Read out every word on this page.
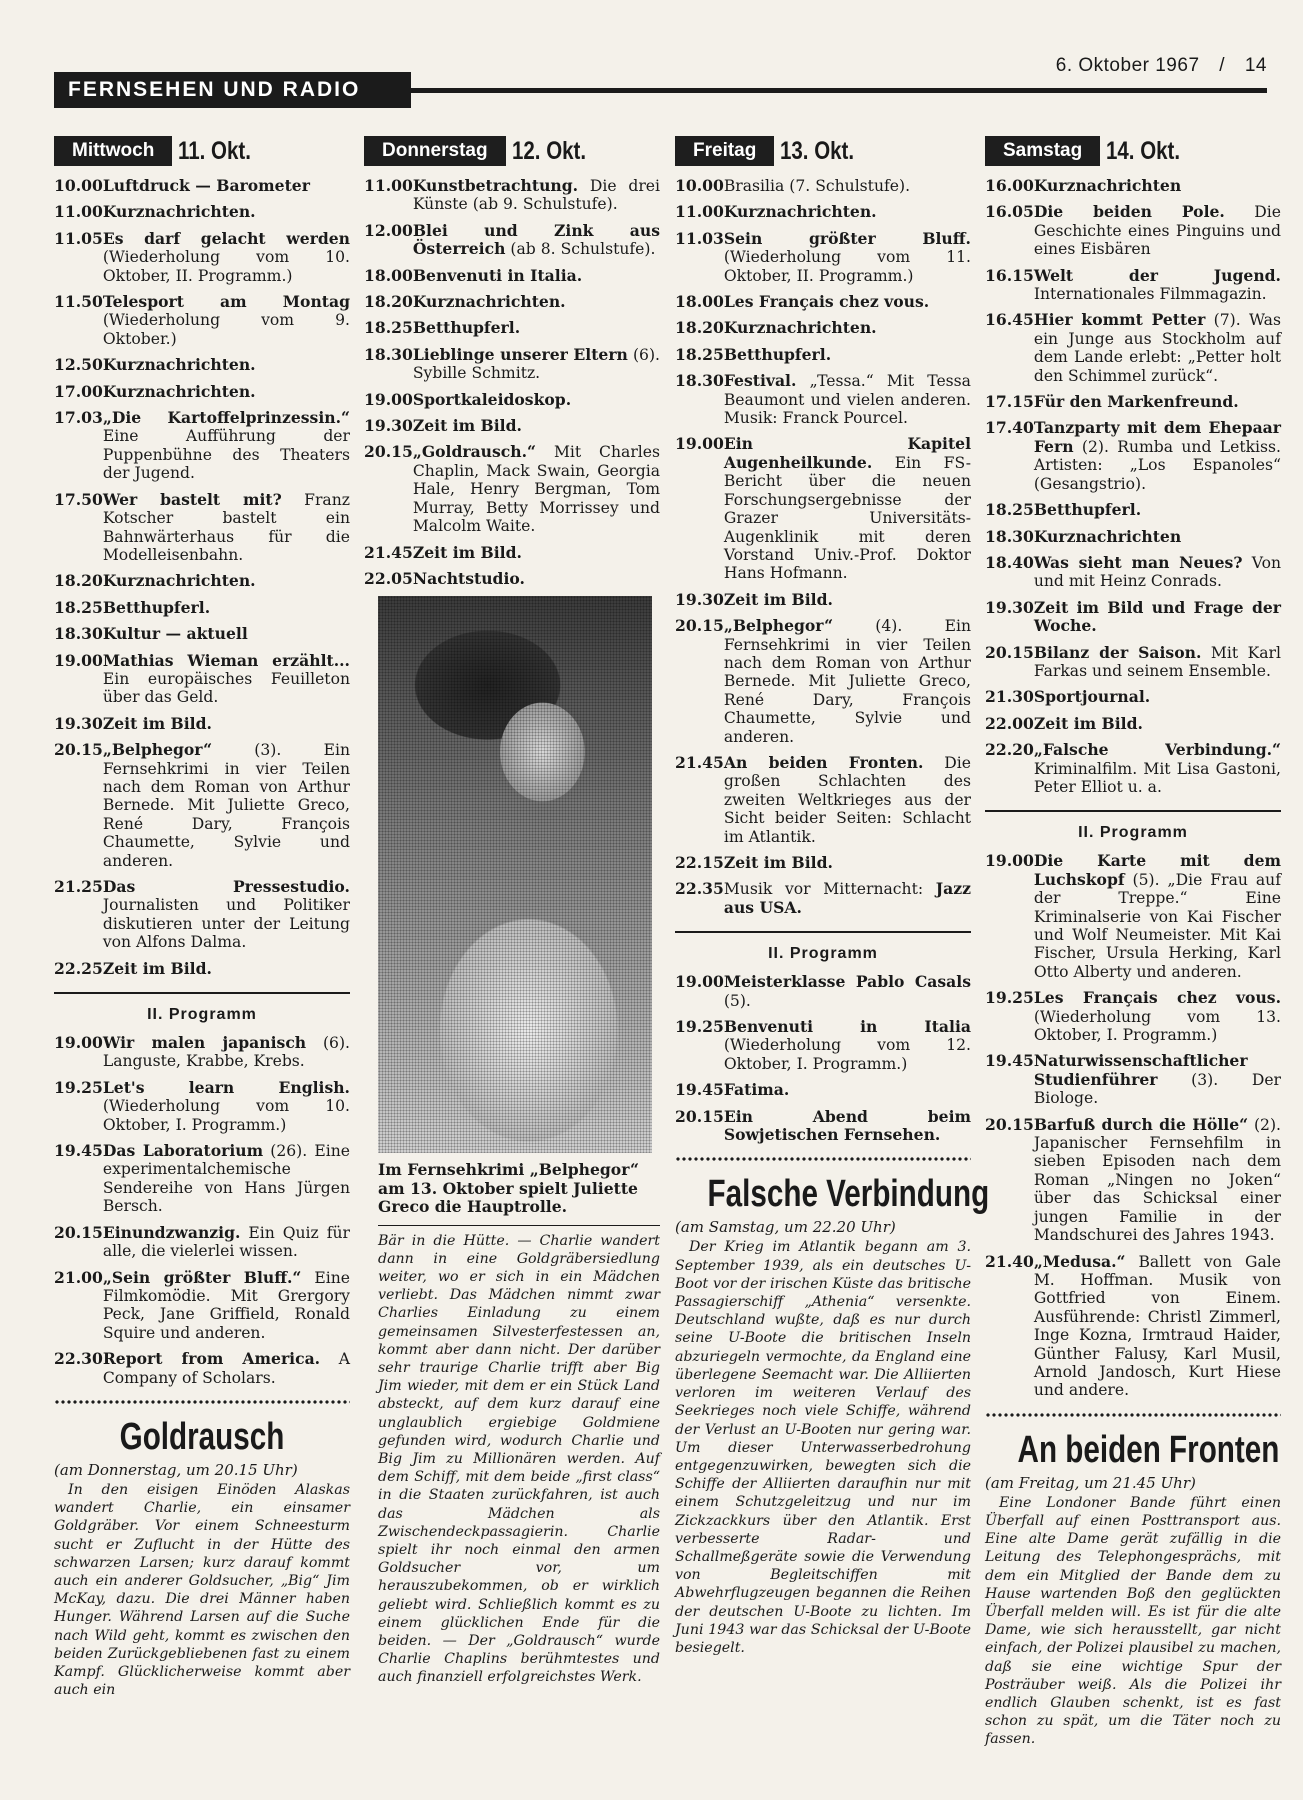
6. Oktober 1967 / 14
FERNSEHEN UND RADIO
Mittwoch 11. Okt.
10.00 Luftdruck — Barometer
11.00 Kurznachrichten.
11.05 Es darf gelacht werden (Wiederholung vom 10. Oktober, II. Programm.)
11.50 Telesport am Montag (Wiederholung vom 9. Oktober.)
12.50 Kurznachrichten.
17.00 Kurznachrichten.
17.03 „Die Kartoffelprinzessin.“ Eine Aufführung der Puppenbühne des Theaters der Jugend.
17.50 Wer bastelt mit? Franz Kotscher bastelt ein Bahnwärterhaus für die Modelleisenbahn.
18.20 Kurznachrichten.
18.25 Betthupferl.
18.30 Kultur — aktuell
19.00 Mathias Wieman erzählt... Ein europäisches Feuilleton über das Geld.
19.30 Zeit im Bild.
20.15 „Belphegor“	(3). Ein Fernsehkrimi in vier Teilen nach dem Roman von Arthur Bernede. Mit Juliette Greco, René Dary, François Chaumette, Sylvie und anderen.
21.25 Das Pressestudio. Journalisten und Politiker diskutieren unter der Leitung von Alfons Dalma.
22.25 Zeit im Bild.
II. Programm
19.00 Wir malen japanisch (6). Languste, Krabbe, Krebs.
19.25 Let's learn English. (Wiederholung vom 10. Oktober, I. Programm.)
19.45 Das Laboratorium (26). Eine experimentalchemische Sendereihe von Hans Jürgen Bersch.
20.15 Einundzwanzig. Ein Quiz für alle, die vielerlei wissen.
21.00 „Sein größter Bluff.“ Eine Filmkomödie. Mit Grergory Peck, Jane Griffield, Ronald Squire und anderen.
22.30 Report from America. A Company of Scholars.
Goldrausch
(am Donnerstag, um 20.15 Uhr)

In den eisigen Einöden Alaskas wandert Charlie, ein einsamer Goldgräber. Vor einem Schneesturm sucht er Zuflucht in der Hütte des schwarzen Larsen; kurz darauf kommt auch ein anderer Goldsucher, „Big“ Jim McKay, dazu. Die drei Männer haben Hunger. Während Larsen auf die Suche nach Wild geht, kommt es zwischen den beiden Zurückgebliebenen fast zu einem Kampf. Glücklicherweise kommt aber auch ein

Donnerstag 12. Okt.
11.00 Kunstbetrachtung. Die drei Künste (ab 9. Schulstufe).
12.00 Blei und Zink aus Österreich (ab 8. Schulstufe).
18.00 Benvenuti in Italia.
18.20 Kurznachrichten.
18.25 Betthupferl.
18.30 Lieblinge unserer Eltern (6). Sybille Schmitz.
19.00 Sportkaleidoskop.
19.30 Zeit im Bild.
20.15 „Goldrausch.“ Mit Charles Chaplin, Mack Swain, Georgia Hale, Henry Bergman, Tom Murray, Betty Morrissey und Malcolm Waite.
21.45 Zeit im Bild.
22.05 Nachtstudio.
Im Fernsehkrimi „Belphegor“ am 13. Oktober spielt Juliette Greco die Hauptrolle.

Bär in die Hütte. — Charlie wandert dann in eine Goldgräbersiedlung weiter, wo er sich in ein Mädchen verliebt. Das Mädchen nimmt zwar Charlies Einladung zu einem gemeinsamen Silvesterfestessen an, kommt aber dann nicht. Der darüber sehr traurige Charlie trifft aber Big Jim wieder, mit dem er ein Stück Land absteckt, auf dem kurz darauf eine unglaublich ergiebige Goldmiene gefunden wird, wodurch Charlie und Big Jim zu Millionären werden. Auf dem Schiff, mit dem beide „first class“ in die Staaten zurückfahren, ist auch das Mädchen als Zwischendeckpassagierin. Charlie spielt ihr noch einmal den armen Goldsucher vor, um herauszubekommen, ob er wirklich geliebt wird. Schließlich kommt es zu einem glücklichen Ende für die beiden. — Der „Goldrausch“ wurde Charlie Chaplins berühmtestes und auch finanziell erfolgreichstes Werk.

Freitag 13. Okt.
10.00 Brasilia (7. Schulstufe).
11.00 Kurznachrichten.
11.03 Sein größter Bluff. (Wiederholung vom 11. Oktober, II. Programm.)
18.00 Les Français chez vous.
18.20 Kurznachrichten.
18.25 Betthupferl.
18.30 Festival. „Tessa.“ Mit Tessa Beaumont und vielen anderen. Musik: Franck Pourcel.
19.00 Ein Kapitel Augenheilkunde. Ein FS-Bericht über die neuen Forschungsergebnisse der Grazer Universitäts-Augenklinik mit deren Vorstand Univ.-Prof. Doktor Hans Hofmann.
19.30 Zeit im Bild.
20.15 „Belphegor“	(4). Ein Fernsehkrimi in vier Teilen nach dem Roman von Arthur Bernede. Mit Juliette Greco, René Dary, François Chaumette, Sylvie und anderen.
21.45 An beiden Fronten. Die großen Schlachten des zweiten Weltkrieges aus der Sicht beider Seiten: Schlacht im Atlantik.
22.15 Zeit im Bild.
22.35 Musik vor Mitternacht: Jazz aus USA.
II. Programm
19.00 Meisterklasse Pablo Casals (5).
19.25 Benvenuti in Italia (Wiederholung vom 12. Oktober, I. Programm.)
19.45 Fatima.
20.15 Ein Abend beim Sowjetischen Fernsehen.
Falsche Verbindung
(am Samstag, um 22.20 Uhr)

Der Krieg im Atlantik begann am 3. September 1939, als ein deutsches U-Boot vor der irischen Küste das britische Passagierschiff „Athenia“ versenkte. Deutschland wußte, daß es nur durch seine U-Boote die britischen Inseln abzuriegeln vermochte, da England eine überlegene Seemacht war. Die Alliierten verloren im weiteren Verlauf des Seekrieges noch viele Schiffe, während der Verlust an U-Booten nur gering war. Um dieser Unterwasserbedrohung entgegenzuwirken, bewegten sich die Schiffe der Alliierten daraufhin nur mit einem Schutzgeleitzug und nur im Zickzackkurs über den Atlantik. Erst verbesserte Radar- und Schallmeßgeräte sowie die Verwendung von Begleitschiffen mit Abwehrflugzeugen begannen die Reihen der deutschen U-Boote zu lichten. Im Juni 1943 war das Schicksal der U-Boote besiegelt.

Samstag 14. Okt.
16.00 Kurznachrichten
16.05 Die beiden Pole. Die Geschichte eines Pinguins und eines Eisbären
16.15 Welt der Jugend. Internationales Filmmagazin.
16.45 Hier kommt Petter (7). Was ein Junge aus Stockholm auf dem Lande erlebt: „Petter holt den Schimmel zurück“.
17.15 Für den Markenfreund.
17.40 Tanzparty mit dem Ehepaar Fern (2). Rumba und Letkiss. Artisten: „Los Espanoles“ (Gesangstrio).
18.25 Betthupferl.
18.30 Kurznachrichten
18.40 Was sieht man Neues? Von und mit Heinz Conrads.
19.30 Zeit im Bild und Frage der Woche.
20.15 Bilanz der Saison. Mit Karl Farkas und seinem Ensemble.
21.30 Sportjournal.
22.00 Zeit im Bild.
22.20 „Falsche Verbindung.“ Kriminalfilm. Mit Lisa Gastoni, Peter Elliot u. a.
II. Programm
19.00 Die Karte mit dem Luchskopf (5). „Die Frau auf der Treppe.“ Eine Kriminalserie von Kai Fischer und Wolf Neumeister. Mit Kai Fischer, Ursula Herking, Karl Otto Alberty und anderen.
19.25 Les Français chez vous. (Wiederholung vom 13. Oktober, I. Programm.)
19.45 Naturwissenschaftlicher Studienführer (3). Der Biologe.
20.15 Barfuß durch die Hölle“ (2). Japanischer Fernsehfilm in sieben Episoden nach dem Roman „Ningen no Joken“ über das Schicksal einer jungen Familie in der Mandschurei des Jahres 1943.
21.40 „Medusa.“ Ballett von Gale M. Hoffman. Musik von Gottfried von Einem. Ausführende: Christl Zimmerl, Inge Kozna, Irmtraud Haider, Günther Falusy, Karl Musil, Arnold Jandosch, Kurt Hiese und andere.
An beiden Fronten
(am Freitag, um 21.45 Uhr)

Eine Londoner Bande führt einen Überfall auf einen Posttransport aus. Eine alte Dame gerät zufällig in die Leitung des Telephongesprächs, mit dem ein Mitglied der Bande dem zu Hause wartenden Boß den geglückten Überfall melden will. Es ist für die alte Dame, wie sich herausstellt, gar nicht einfach, der Polizei plausibel zu machen, daß sie eine wichtige Spur der Posträuber weiß. Als die Polizei ihr endlich Glauben schenkt, ist es fast schon zu spät, um die Täter noch zu fassen.
